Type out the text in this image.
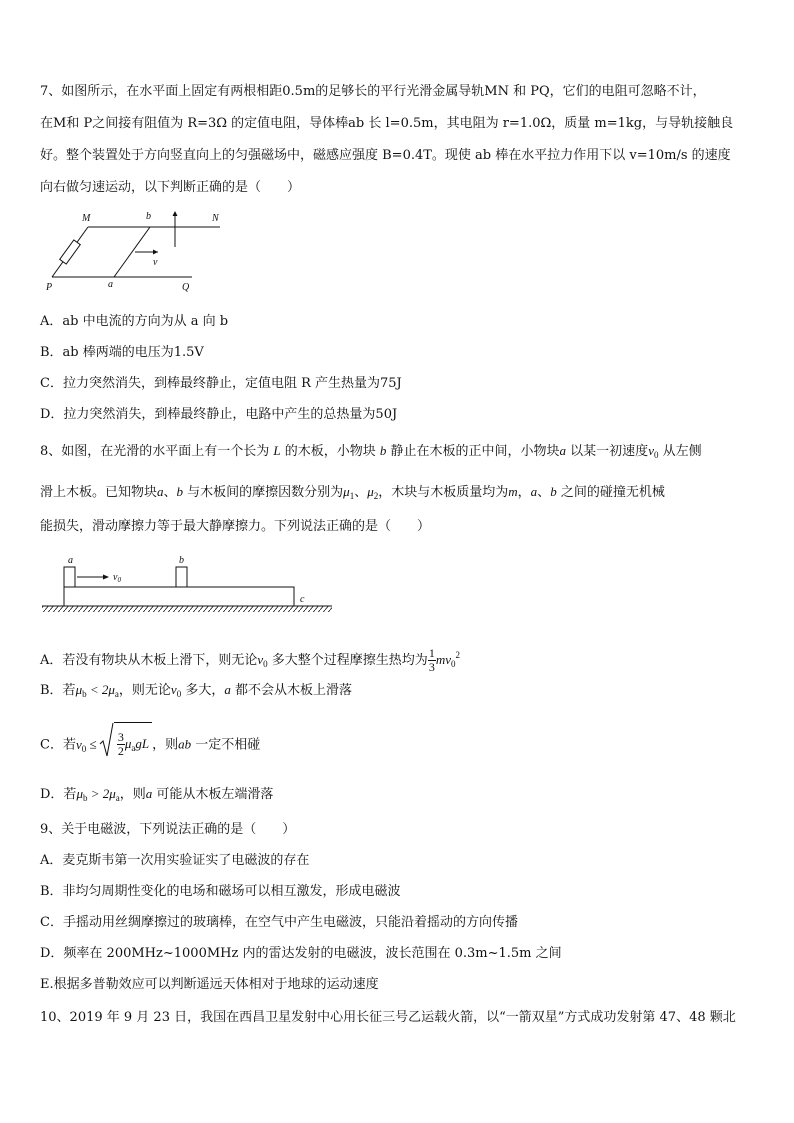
7、如图所示，在水平面上固定有两根相距0.5m的足够长的平行光滑金属导轨MN 和 PQ，它们的电阻可忽略不计，
在M和 P之间接有阻值为 R=3Ω 的定值电阻，导体棒ab 长 l=0.5m，其电阻为 r=1.0Ω，质量 m=1kg，与导轨接触良
好。整个装置处于方向竖直向上的匀强磁场中，磁感应强度 B=0.4T。现使 ab 棒在水平拉力作用下以 v=10m/s 的速度
向右做匀速运动，以下判断正确的是（　　）
M	b	N
v
P	a	Q
A．ab 中电流的方向为从 a 向 b
B．ab 棒两端的电压为1.5V
C．拉力突然消失，到棒最终静止，定值电阻 R 产生热量为75J
D．拉力突然消失，到棒最终静止，电路中产生的总热量为50J
8、如图，在光滑的水平面上有一个长为 L 的木板，小物块 b 静止在木板的正中间，小物块a 以某一初速度$v_0$ 从左侧
滑上木板。已知物块a、b 与木板间的摩擦因数分别为$\mu_1$、$\mu_2$，木块与木板质量均为m，a、b 之间的碰撞无机械
能损失，滑动摩擦力等于最大静摩擦力。下列说法正确的是（　　）
a	b
$v_0$
c
A．若没有物块从木板上滑下，则无论$v_0$ 多大整个过程摩擦生热均为 $\frac{1}{3} mv_0^2$
B．若$\mu_b < 2\mu_a$，则无论$v_0$ 多大，a 都不会从木板上滑落
C．若$v_0 \le \frac{3}{2} \mu_agL$ ，则ab 一定不相碰
D．若$\mu_b > 2\mu_a$，则a 可能从木板左端滑落
9、关于电磁波，下列说法正确的是（　　）
A．麦克斯韦第一次用实验证实了电磁波的存在
B．非均匀周期性变化的电场和磁场可以相互激发，形成电磁波
C．手摇动用丝绸摩擦过的玻璃棒，在空气中产生电磁波，只能沿着摇动的方向传播
D．频率在 200MHz~1000MHz 内的雷达发射的电磁波，波长范围在 0.3m~1.5m 之间
E.根据多普勒效应可以判断遥远天体相对于地球的运动速度
10、2019 年 9 月 23 日，我国在西昌卫星发射中心用长征三号乙运载火箭，以“一箭双星”方式成功发射第 47、48 颗北
